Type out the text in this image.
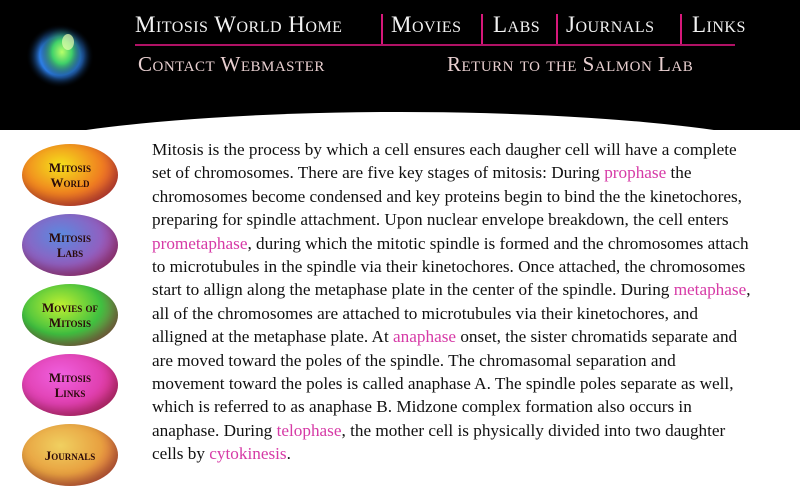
Mitosis World Home Movies Labs Journals Links
Contact Webmaster	Return to the Salmon Lab
Mitosis
World
Mitosis
Labs
Movies of
Mitosis
Mitosis
Links
Journals
Mitosis is the process by which a cell ensures each daugher cell will have a complete set of chromosomes. There are five key stages of mitosis: During prophase the chromosomes become condensed and key proteins begin to bind the the kinetochores, preparing for spindle attachment. Upon nuclear envelope breakdown, the cell enters prometaphase, during which the mitotic spindle is formed and the chromosomes attach to microtubules in the spindle via their kinetochores. Once attached, the chromosomes start to allign along the metaphase plate in the center of the spindle. During metaphase, all of the chromosomes are attached to microtubules via their kinetochores, and alligned at the metaphase plate. At anaphase onset, the sister chromatids separate and are moved toward the poles of the spindle. The chromasomal separation and movement toward the poles is called anaphase A. The spindle poles separate as well, which is referred to as anaphase B. Midzone complex formation also occurs in anaphase. During telophase, the mother cell is physically divided into two daughter cells by cytokinesis.
